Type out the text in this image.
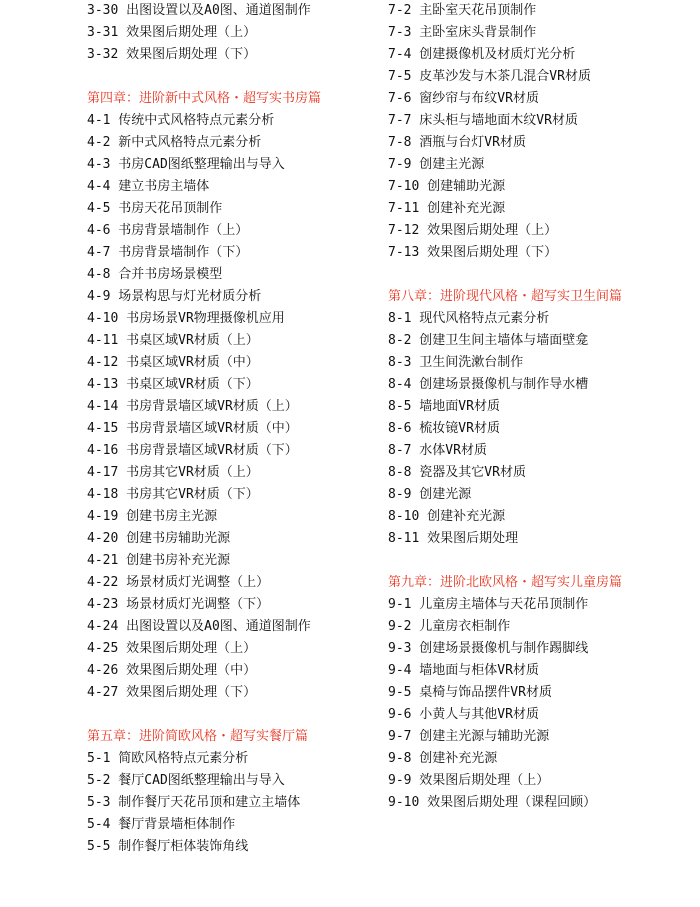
3-30 出图设置以及A0图、通道图制作
3-31 效果图后期处理（上）
3-32 效果图后期处理（下）
第四章：进阶新中式风格・超写实书房篇
4-1 传统中式风格特点元素分析
4-2 新中式风格特点元素分析
4-3 书房CAD图纸整理输出与导入
4-4 建立书房主墙体
4-5 书房天花吊顶制作
4-6 书房背景墙制作（上）
4-7 书房背景墙制作（下）
4-8 合并书房场景模型
4-9 场景构思与灯光材质分析
4-10 书房场景VR物理摄像机应用
4-11 书桌区域VR材质（上）
4-12 书桌区域VR材质（中）
4-13 书桌区域VR材质（下）
4-14 书房背景墙区域VR材质（上）
4-15 书房背景墙区域VR材质（中）
4-16 书房背景墙区域VR材质（下）
4-17 书房其它VR材质（上）
4-18 书房其它VR材质（下）
4-19 创建书房主光源
4-20 创建书房辅助光源
4-21 创建书房补充光源
4-22 场景材质灯光调整（上）
4-23 场景材质灯光调整（下）
4-24 出图设置以及A0图、通道图制作
4-25 效果图后期处理（上）
4-26 效果图后期处理（中）
4-27 效果图后期处理（下）
第五章：进阶简欧风格・超写实餐厅篇
5-1 简欧风格特点元素分析
5-2 餐厅CAD图纸整理输出与导入
5-3 制作餐厅天花吊顶和建立主墙体
5-4 餐厅背景墙柜体制作
5-5 制作餐厅柜体装饰角线
7-2 主卧室天花吊顶制作
7-3 主卧室床头背景制作
7-4 创建摄像机及材质灯光分析
7-5 皮革沙发与木茶几混合VR材质
7-6 窗纱帘与布纹VR材质
7-7 床头柜与墙地面木纹VR材质
7-8 酒瓶与台灯VR材质
7-9 创建主光源
7-10 创建辅助光源
7-11 创建补充光源
7-12 效果图后期处理（上）
7-13 效果图后期处理（下）
第八章：进阶现代风格・超写实卫生间篇
8-1 现代风格特点元素分析
8-2 创建卫生间主墙体与墙面壁龛
8-3 卫生间洗漱台制作
8-4 创建场景摄像机与制作导水槽
8-5 墙地面VR材质
8-6 梳妆镜VR材质
8-7 水体VR材质
8-8 瓷器及其它VR材质
8-9 创建光源
8-10 创建补充光源
8-11 效果图后期处理
第九章：进阶北欧风格・超写实儿童房篇
9-1 儿童房主墙体与天花吊顶制作
9-2 儿童房衣柜制作
9-3 创建场景摄像机与制作踢脚线
9-4 墙地面与柜体VR材质
9-5 桌椅与饰品摆件VR材质
9-6 小黄人与其他VR材质
9-7 创建主光源与辅助光源
9-8 创建补充光源
9-9 效果图后期处理（上）
9-10 效果图后期处理（课程回顾）
